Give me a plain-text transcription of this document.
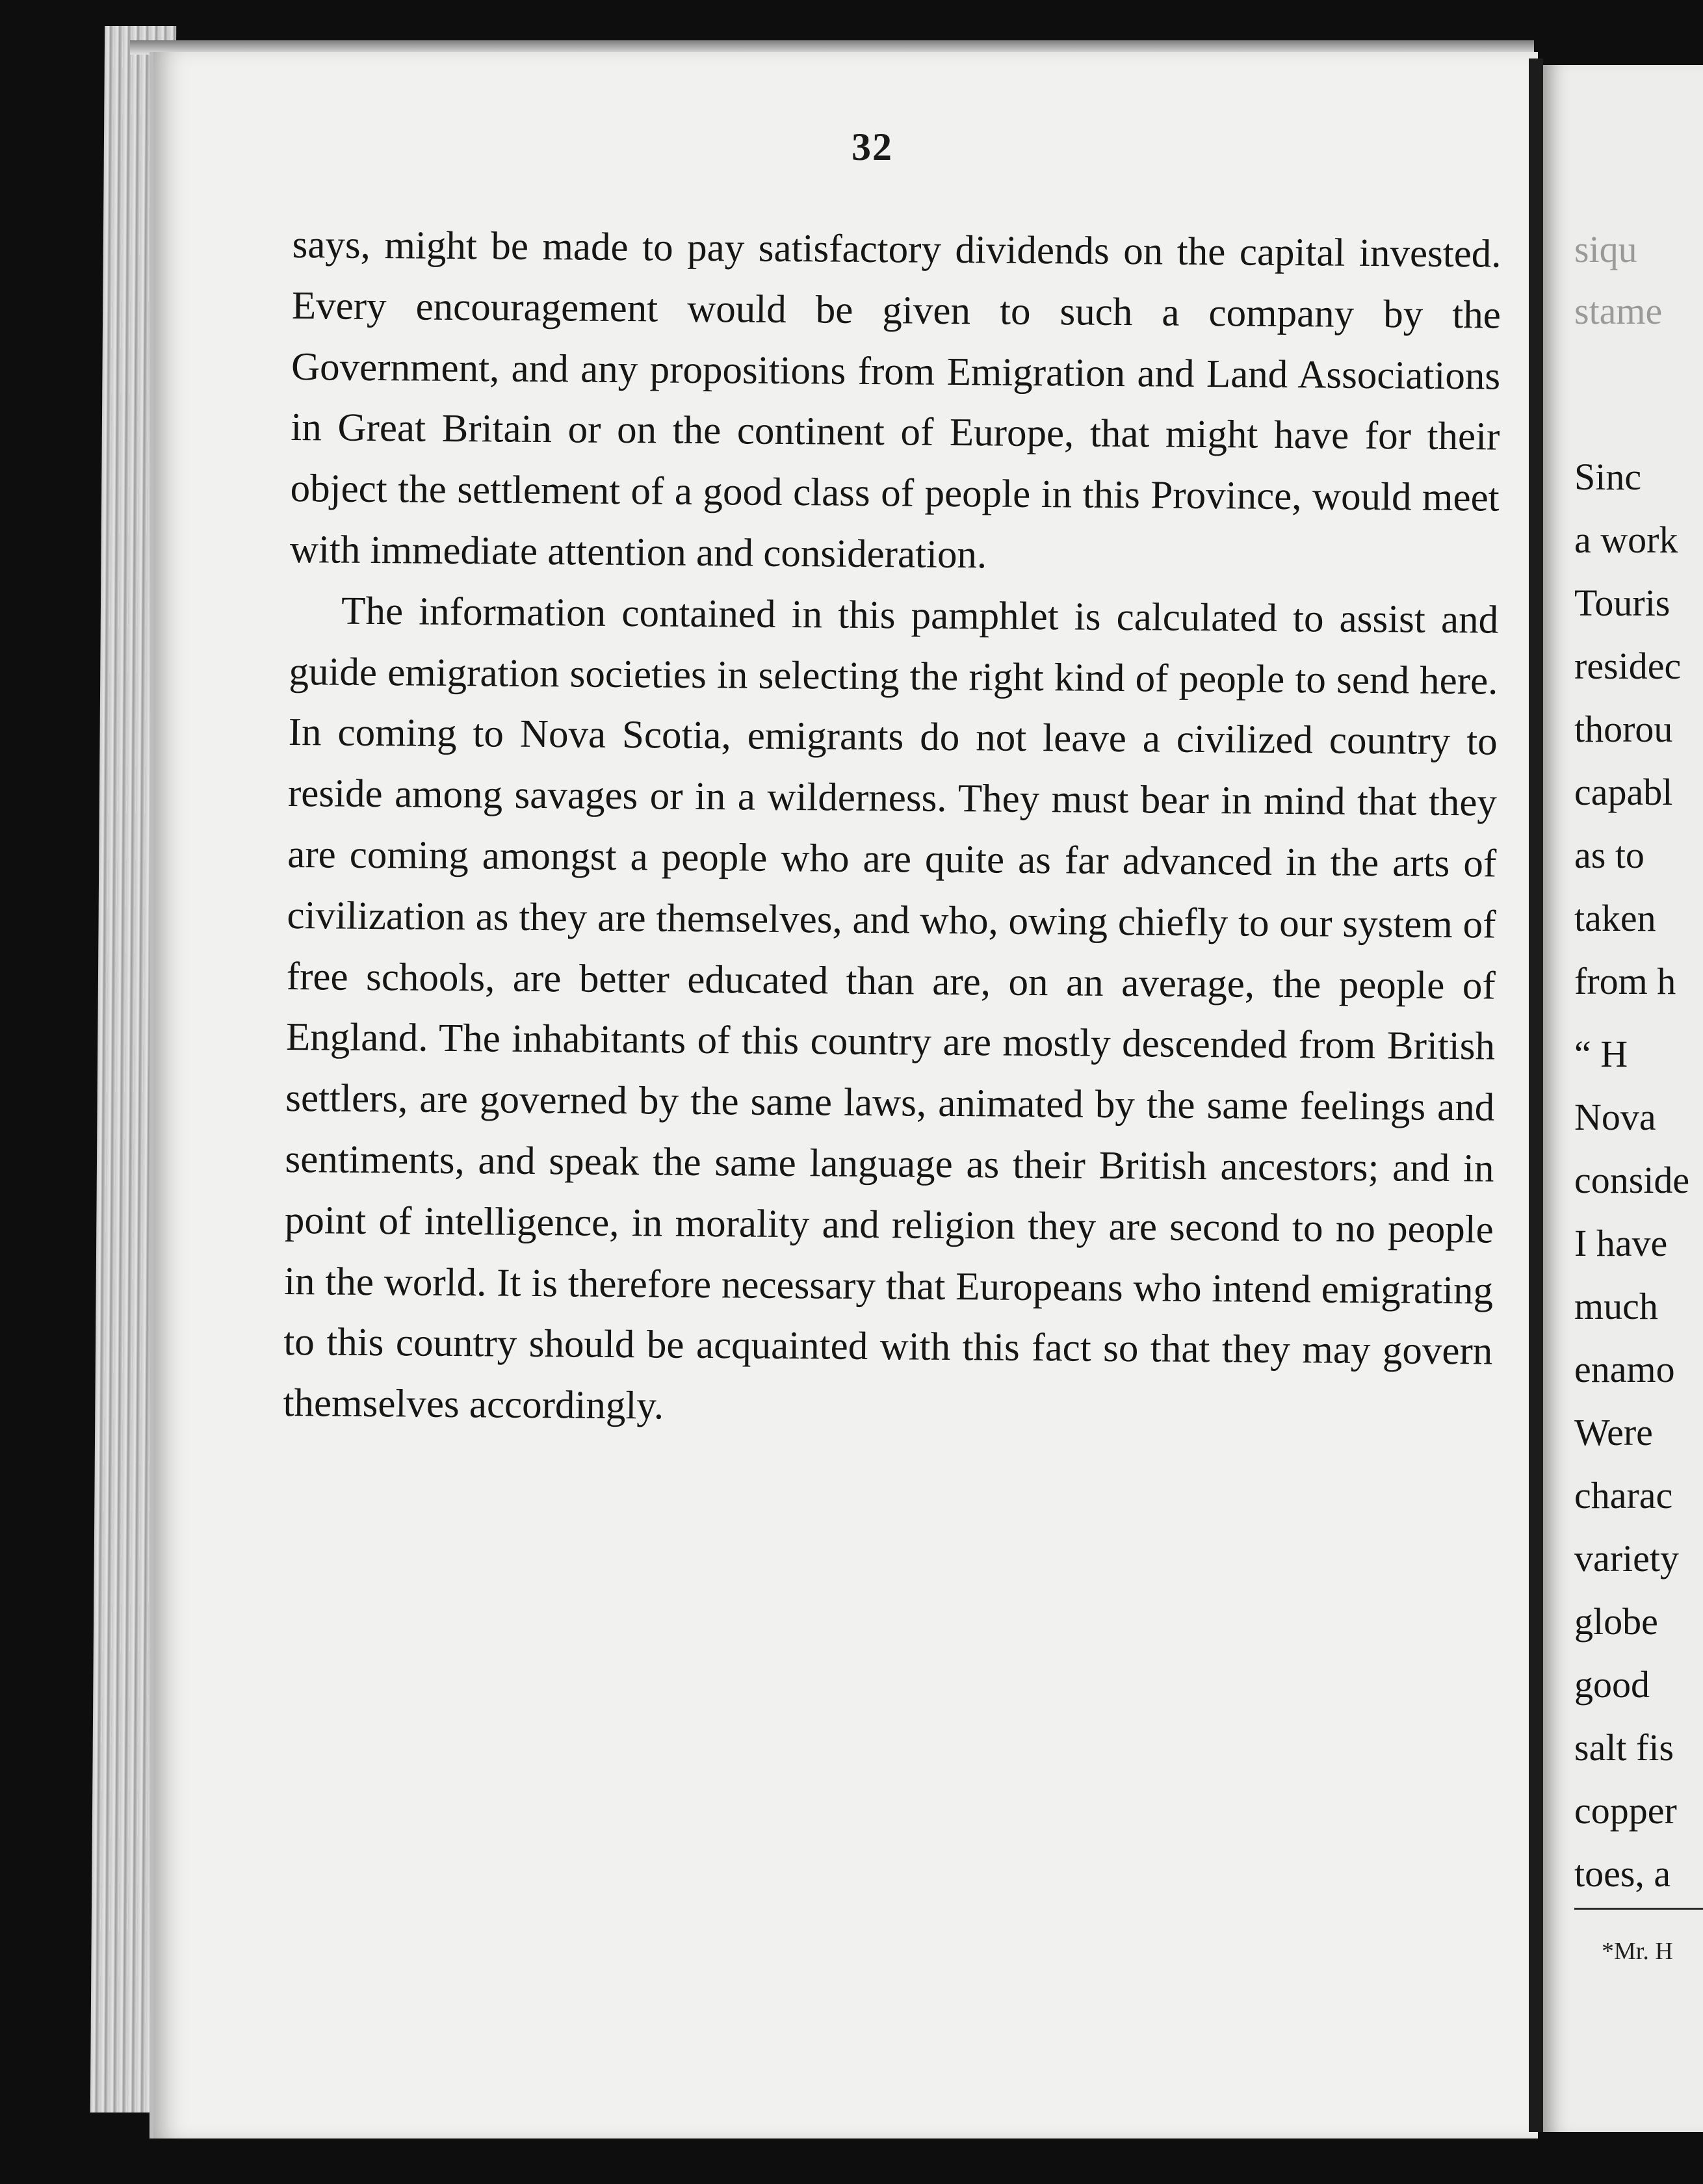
32

says, might be made to pay satisfactory dividends on the capital invested. Every encouragement would be given to such a company by the Government, and any propositions from Emigration and Land Associations in Great Britain or on the continent of Europe, that might have for their object the settlement of a good class of people in this Province, would meet with immediate attention and consideration.

The information contained in this pamphlet is calculated to assist and guide emigration societies in selecting the right kind of people to send here. In coming to Nova Scotia, emigrants do not leave a civilized country to reside among savages or in a wilderness. They must bear in mind that they are coming amongst a people who are quite as far advanced in the arts of civilization as they are themselves, and who, owing chiefly to our system of free schools, are better educated than are, on an average, the people of England. The inhabitants of this country are mostly descended from British settlers, are governed by the same laws, animated by the same feelings and sentiments, and speak the same language as their British ancestors; and in point of intelligence, in morality and religion they are second to no people in the world. It is therefore necessary that Europeans who intend emigrating to this country should be acquainted with this fact so that they may govern themselves accordingly.

siqu
stame
Sinc
a work
Touris
residec
thorou
capabl
as to
taken
from h
“ H
Nova
conside
I have
much
enamo
Were
charac
variety
globe
good
salt fis
copper
toes, a
*Mr. H
